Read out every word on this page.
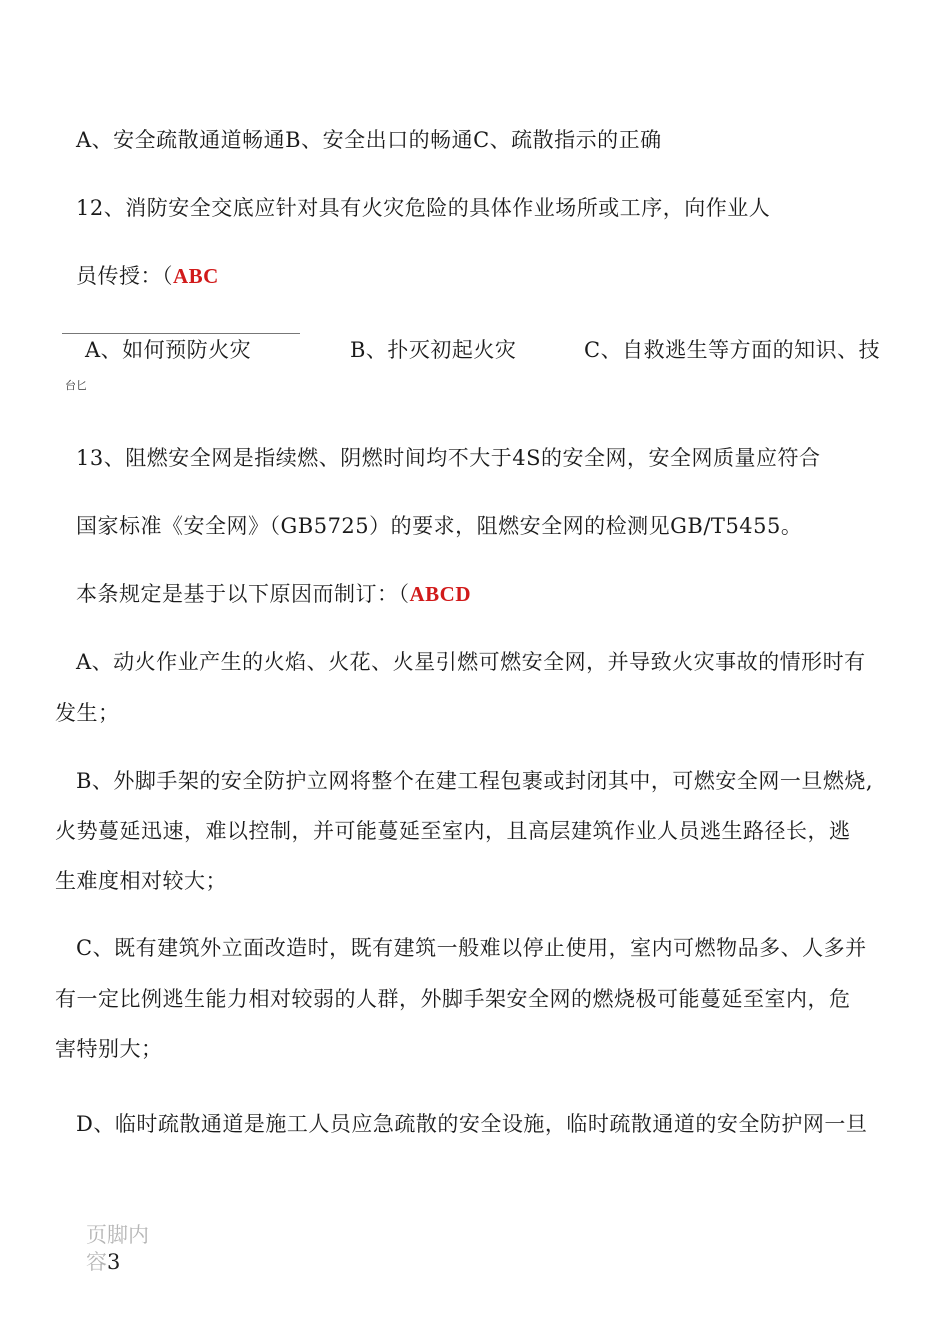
A、安全疏散通道畅通B、安全出口的畅通C、疏散指示的正确
12、消防安全交底应针对具有火灾危险的具体作业场所或工序，向作业人
员传授：（ABC
A、如何预防火灾	B、扑灭初起火灾	C、自救逃生等方面的知识、技
台匕
13、阻燃安全网是指续燃、阴燃时间均不大于4S的安全网，安全网质量应符合
国家标准《安全网》（GB5725）的要求，阻燃安全网的检测见GB/T5455。
本条规定是基于以下原因而制订：（ABCD
A、动火作业产生的火焰、火花、火星引燃可燃安全网，并导致火灾事故的情形时有
发生；
B、外脚手架的安全防护立网将整个在建工程包裹或封闭其中，可燃安全网一旦燃烧,
火势蔓延迅速，难以控制，并可能蔓延至室内，且高层建筑作业人员逃生路径长，逃
生难度相对较大；
C、既有建筑外立面改造时，既有建筑一般难以停止使用，室内可燃物品多、人多并
有一定比例逃生能力相对较弱的人群，外脚手架安全网的燃烧极可能蔓延至室内，危
害特别大；
D、临时疏散通道是施工人员应急疏散的安全设施，临时疏散通道的安全防护网一旦
页脚内
容3
